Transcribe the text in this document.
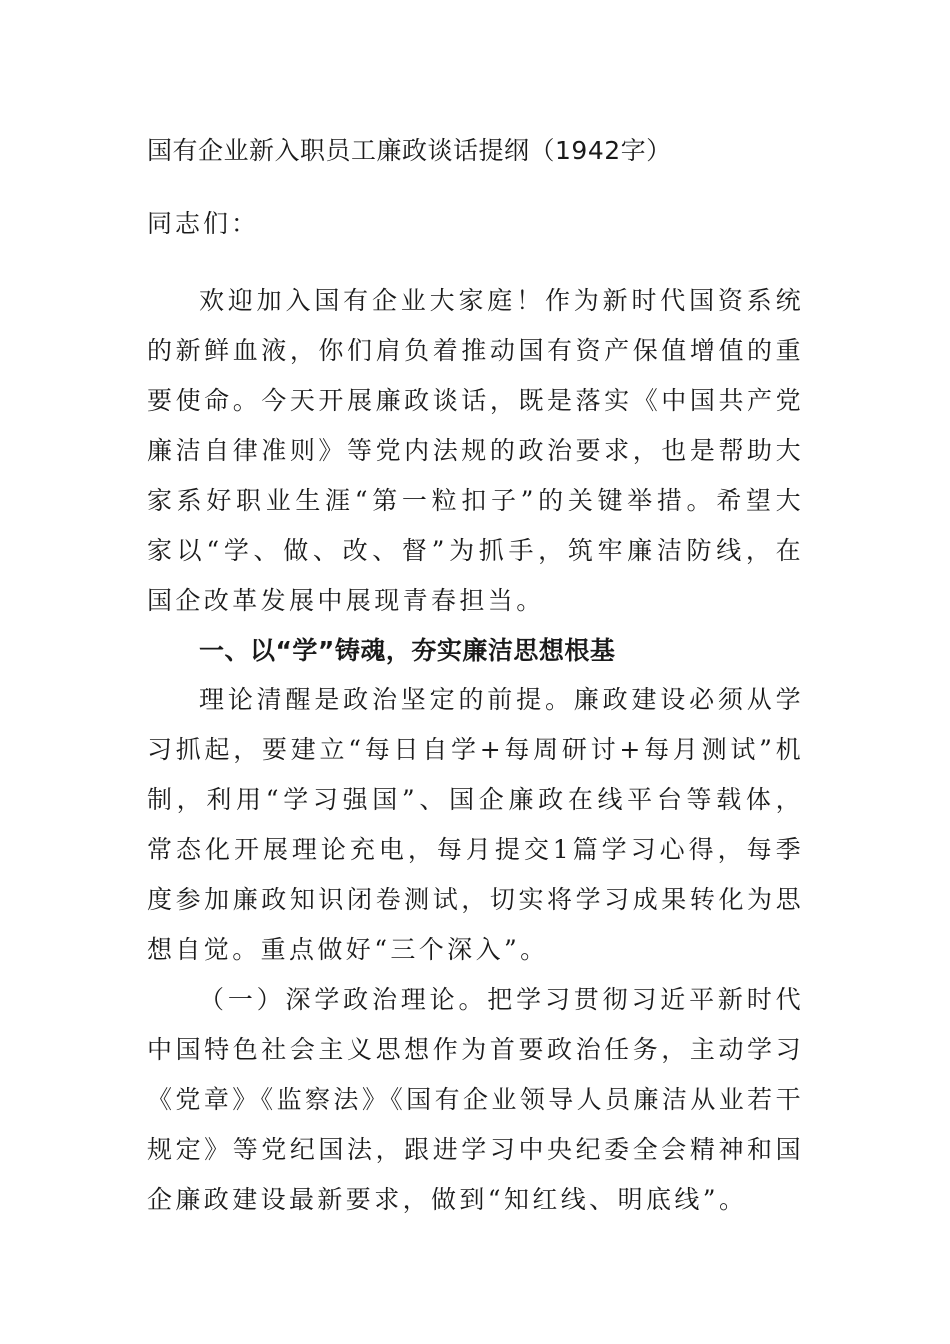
国有企业新入职员工廉政谈话提纲（1942字）
同志们：

欢迎加入国有企业大家庭！作为新时代国资系统的新鲜血液，你们肩负着推动国有资产保值增值的重要使命。今天开展廉政谈话，既是落实《中国共产党廉洁自律准则》等党内法规的政治要求，也是帮助大家系好职业生涯“第一粒扣子”的关键举措。希望大家以“学、做、改、督”为抓手，筑牢廉洁防线，在国企改革发展中展现青春担当。

一、以“学”铸魂，夯实廉洁思想根基

理论清醒是政治坚定的前提。廉政建设必须从学习抓起，要建立“每日自学+每周研讨+每月测试”机制，利用“学习强国”、国企廉政在线平台等载体，常态化开展理论充电，每月提交1篇学习心得，每季度参加廉政知识闭卷测试，切实将学习成果转化为思想自觉。重点做好“三个深入”。

（一）深学政治理论。把学习贯彻习近平新时代中国特色社会主义思想作为首要政治任务，主动学习《党章》《监察法》《国有企业领导人员廉洁从业若干规定》等党纪国法，跟进学习中央纪委全会精神和国企廉政建设最新要求，做到“知红线、明底线”。
